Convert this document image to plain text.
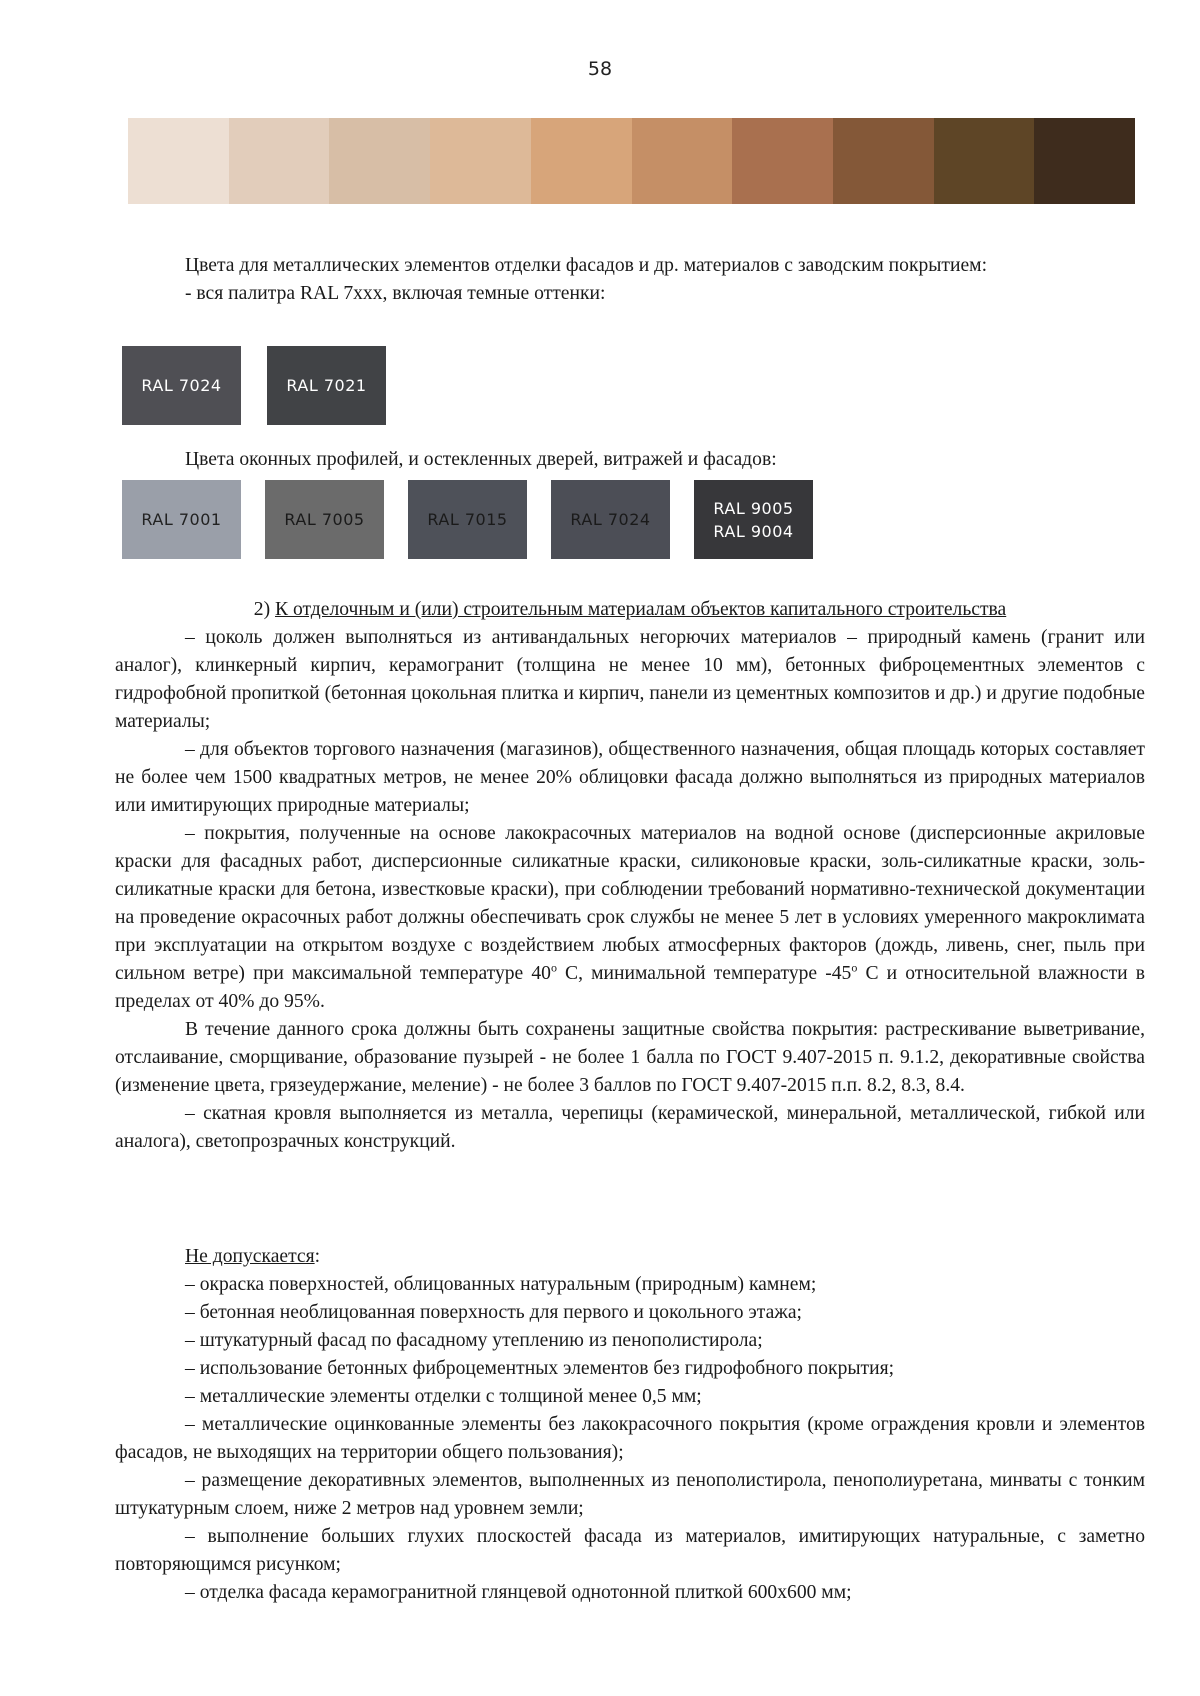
58

Цвета для металлических элементов отделки фасадов и др. материалов с заводским покрытием:

- вся палитра RAL 7xxx, включая темные оттенки:

RAL 7024	RAL 7021

Цвета оконных профилей, и остекленных дверей, витражей и фасадов:

RAL 7001	RAL 7005	RAL 7015	RAL 7024
RAL 9005
RAL 9004

2) К отделочным и (или) строительным материалам объектов капитального строительства

– цоколь должен выполняться из антивандальных негорючих материалов – природный камень (гранит или аналог), клинкерный кирпич, керамогранит (толщина не менее 10 мм), бетонных фиброцементных элементов с гидрофобной пропиткой (бетонная цокольная плитка и кирпич, панели из цементных композитов и др.) и другие подобные материалы;

– для объектов торгового назначения (магазинов), общественного назначения, общая площадь которых составляет не более чем 1500 квадратных метров, не менее 20% облицовки фасада должно выполняться из природных материалов или имитирующих природные материалы;

– покрытия, полученные на основе лакокрасочных материалов на водной основе (дисперсионные акриловые краски для фасадных работ, дисперсионные силикатные краски, силиконовые краски, золь-силикатные краски, золь-силикатные краски для бетона, известковые краски), при соблюдении требований нормативно-технической документации на проведение окрасочных работ должны обеспечивать срок службы не менее 5 лет в условиях умеренного макроклимата при эксплуатации на открытом воздухе с воздействием любых атмосферных факторов (дождь, ливень, снег, пыль при сильном ветре) при максимальной температуре 40$^o$ С, минимальной температуре -45$^o$ С и относительной влажности в пределах от 40% до 95%.

В течение данного срока должны быть сохранены защитные свойства покрытия: растрескивание выветривание, отслаивание, сморщивание, образование пузырей - не более 1 балла по ГОСТ 9.407-2015 п. 9.1.2, декоративные свойства (изменение цвета, грязеудержание, меление) - не более 3 баллов по ГОСТ 9.407-2015 п.п. 8.2, 8.3, 8.4.

– скатная кровля выполняется из металла, черепицы (керамической, минеральной, металлической, гибкой или аналога), светопрозрачных конструкций.

Не допускается:

– окраска поверхностей, облицованных натуральным (природным) камнем;

– бетонная необлицованная поверхность для первого и цокольного этажа;

– штукатурный фасад по фасадному утеплению из пенополистирола;

– использование бетонных фиброцементных элементов без гидрофобного покрытия;

– металлические элементы отделки с толщиной менее 0,5 мм;

– металлические оцинкованные элементы без лакокрасочного покрытия (кроме ограждения кровли и элементов фасадов, не выходящих на территории общего пользования);

– размещение декоративных элементов, выполненных из пенополистирола, пенополиуретана, минваты с тонким штукатурным слоем, ниже 2 метров над уровнем земли;

– выполнение больших глухих плоскостей фасада из материалов, имитирующих натуральные, с заметно повторяющимся рисунком;

– отделка фасада керамогранитной глянцевой однотонной плиткой 600х600 мм;
